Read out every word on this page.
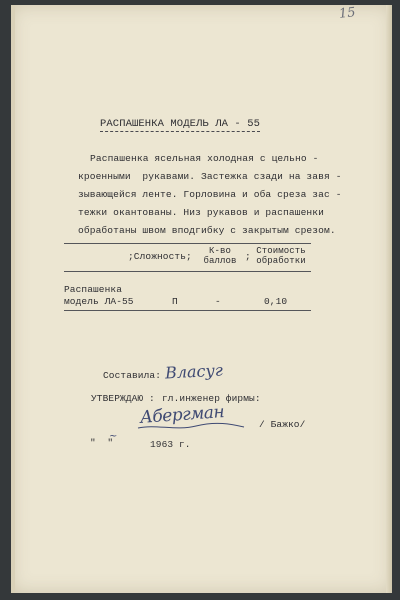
15
РАСПАШЕНКА МОДЕЛЬ ЛА - 55
Распашенка ясельная холодная с цельно -
кроенными  рукавами. Застежка сзади на завя -
зывающейся ленте. Горловина и оба среза зас -
тежки окантованы. Низ рукавов и распашенки
обработаны швом вподгибку с закрытым срезом.
;Сложность;	К-во баллов ; Стоимость обработки
Распашенка
модель ЛА-55	П	-	0,10
Составила: Власуг
УТВЕРЖДАЮ : гл.инженер фирмы:
Абергман	/ Бажко/
"  "
~
1963 г.
